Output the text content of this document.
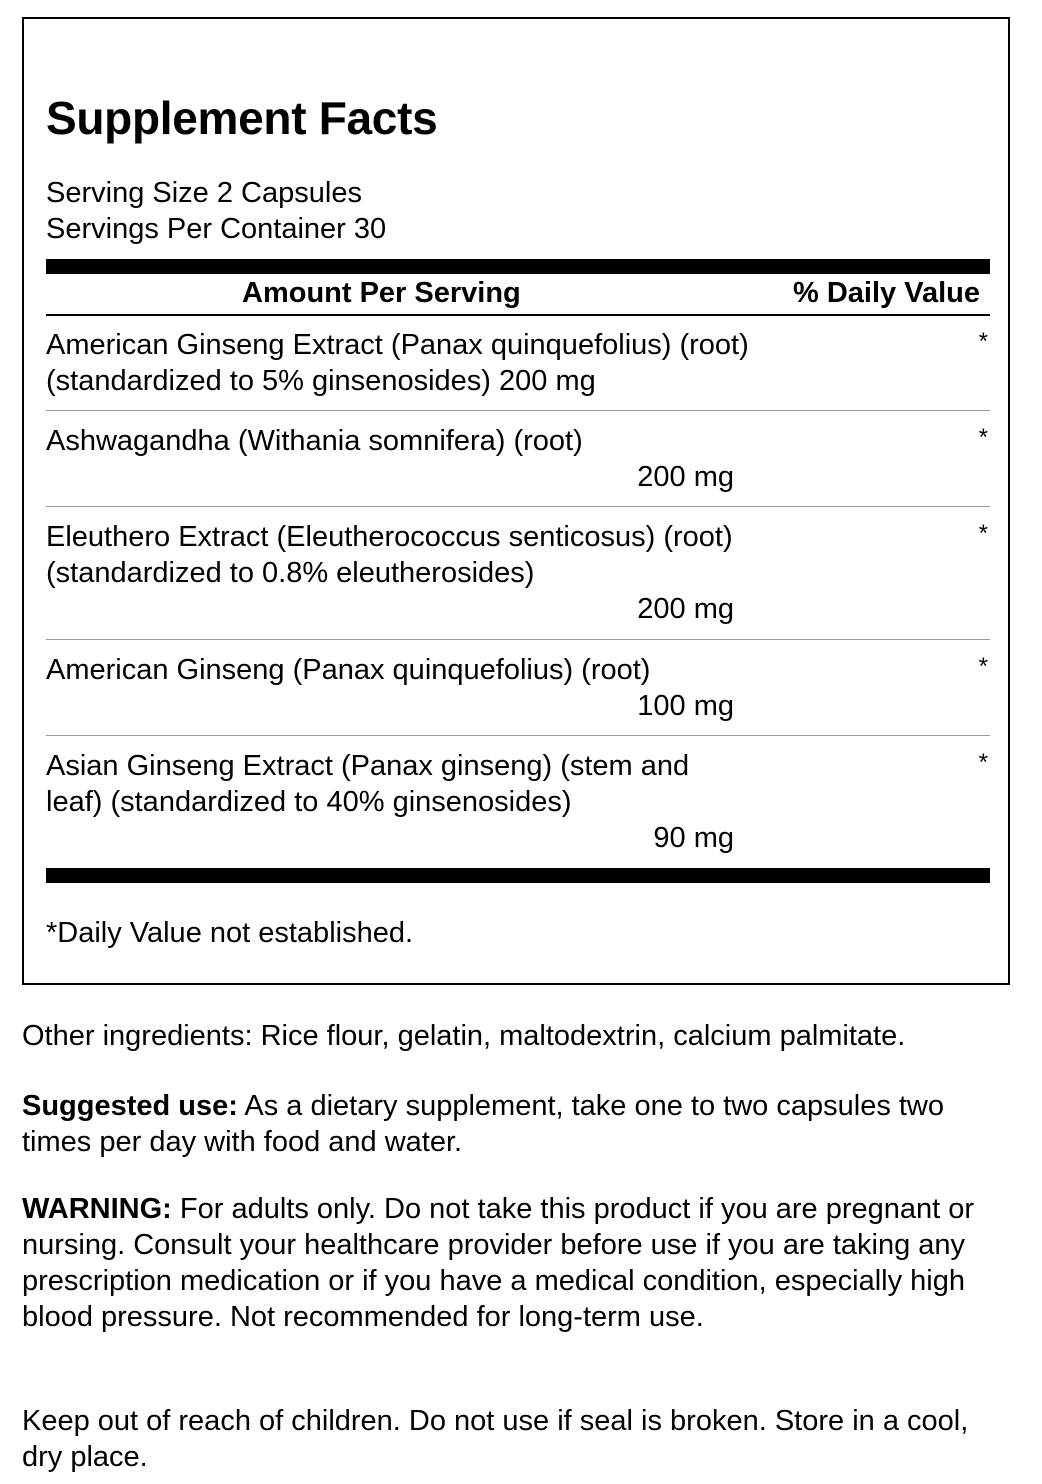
Supplement Facts
Serving Size 2 Capsules
Servings Per Container 30
Amount Per Serving	% Daily Value
American Ginseng Extract (Panax quinquefolius) (root) (standardized to 5% ginsenosides) 200 mg
*
Ashwagandha (Withania somnifera) (root)
200 mg
*
Eleuthero Extract (Eleutherococcus senticosus) (root) (standardized to 0.8% eleutherosides)
200 mg
*
American Ginseng (Panax quinquefolius) (root)
100 mg
*
Asian Ginseng Extract (Panax ginseng) (stem and leaf) (standardized to 40% ginsenosides)
90 mg
*
*Daily Value not established.

Other ingredients: Rice flour, gelatin, maltodextrin, calcium palmitate.

Suggested use: As a dietary supplement, take one to two capsules two times per day with food and water.

WARNING: For adults only. Do not take this product if you are pregnant or nursing. Consult your healthcare provider before use if you are taking any prescription medication or if you have a medical condition, especially high blood pressure. Not recommended for long-term use.

Keep out of reach of children. Do not use if seal is broken. Store in a cool, dry place.
